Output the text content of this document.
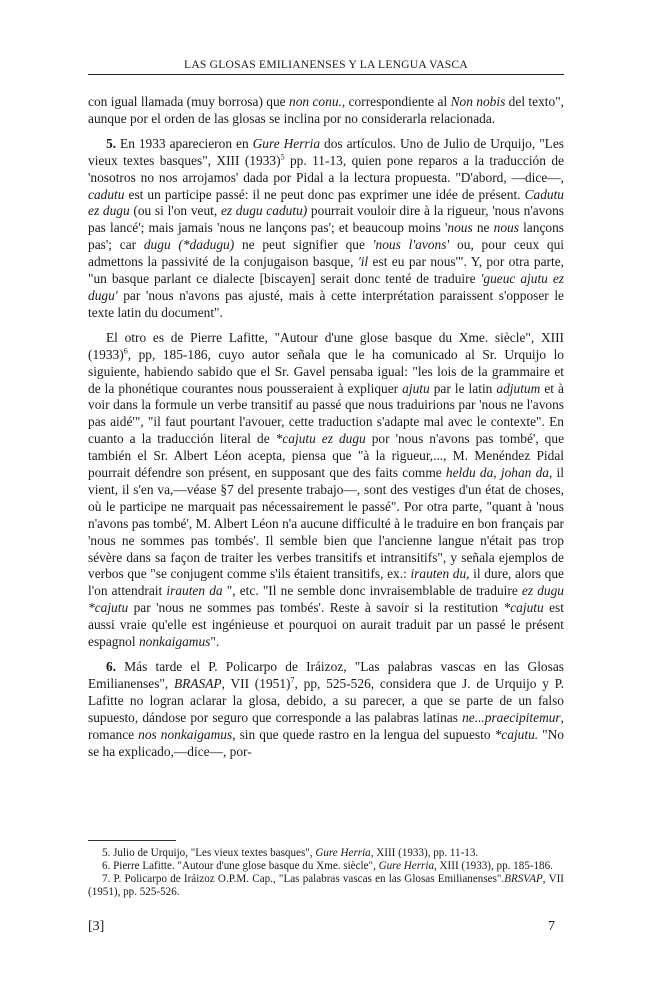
LAS GLOSAS EMILIANENSES Y LA LENGUA VASCA

con igual llamada (muy borrosa) que non conu., correspondiente al Non nobis del texto", aunque por el orden de las glosas se inclina por no considerarla relacionada.

5. En 1933 aparecieron en Gure Herria dos artículos. Uno de Julio de Urquijo, "Les vieux textes basques", XIII $(1933)^5$ pp. 11-13, quien pone reparos a la traducción de 'nosotros no nos arrojamos' dada por Pidal a la lectura propuesta. "D'abord, —dice—, cadutu est un participe passé: il ne peut donc pas exprimer une idée de présent. Cadutu ez dugu (ou si l'on veut, ez dugu cadutu) pourrait vouloir dire à la rigueur, 'nous n'avons pas lancé'; mais jamais 'nous ne lançons pas'; et beaucoup moins 'nous ne nous lançons pas'; car dugu (*dadugu) ne peut signifier que 'nous l'avons' ou, pour ceux qui admettons la passivité de la conjugaison basque, 'il est eu par nous'". Y, por otra parte, "un basque parlant ce dialecte [biscayen] serait donc tenté de traduire 'gueuc ajutu ez dugu' par 'nous n'avons pas ajusté, mais à cette interprétation paraissent s'opposer le texte latin du document".

El otro es de Pierre Lafitte, "Autour d'une glose basque du Xme. siècle", XIII $(1933)^6$, pp, 185-186, cuyo autor señala que le ha comunicado al Sr. Urquijo lo siguiente, habiendo sabido que el Sr. Gavel pensaba igual: "les lois de la grammaire et de la phonétique courantes nous pousseraient à expliquer ajutu par le latin adjutum et à voir dans la formule un verbe transitif au passé que nous traduirions par 'nous ne l'avons pas aidé'", "il faut pourtant l'avouer, cette traduction s'adapte mal avec le contexte". En cuanto a la traducción literal de *cajutu ez dugu por 'nous n'avons pas tombé', que también el Sr. Albert Léon acepta, piensa que "à la rigueur,..., M. Menéndez Pidal pourrait défendre son présent, en supposant que des faits comme heldu da, johan da, il vient, il s'en va,—véase §7 del presente trabajo—, sont des vestiges d'un état de choses, où le participe ne marquait pas nécessairement le passé". Por otra parte, "quant à 'nous n'avons pas tombé', M. Albert Léon n'a aucune difficulté à le traduire en bon français par 'nous ne sommes pas tombés'. Il semble bien que l'ancienne langue n'était pas trop sévère dans sa façon de traiter les verbes transitifs et intransitifs", y señala ejemplos de verbos que "se conjugent comme s'ils étaient transitifs, ex.: irauten du, il dure, alors que l'on attendrait irauten da ", etc. "Il ne semble donc invraisemblable de traduire ez dugu *cajutu par 'nous ne sommes pas tombés'. Reste à savoir si la restitution *cajutu est aussi vraie qu'elle est ingénieuse et pourquoi on aurait traduit par un passé le présent espagnol nonkaigamus".

6. Más tarde el P. Policarpo de Iráizoz, "Las palabras vascas en las Glosas Emilianenses", BRASAP, VII $(1951)^7$, pp, 525-526, considera que J. de Urquijo y P. Lafitte no logran aclarar la glosa, debido, a su parecer, a que se parte de un falso supuesto, dándose por seguro que corresponde a las palabras latinas ne...praecipitemur, romance nos nonkaigamus, sin que quede rastro en la lengua del supuesto *cajutu. "No se ha explicado,—dice—, por-

5. Julio de Urquijo, "Les vieux textes basques", Gure Herria, XIII (1933), pp. 11-13.

6. Pierre Lafitte. "Autour d'une glose basque du Xme. siècle", Gure Herria, XIII (1933), pp. 185-186.

7. P. Policarpo de Iráizoz O.P.M. Cap., "Las palabras vascas en las Glosas Emilianenses".BRSVAP, VII (1951), pp. 525-526.

[3]	7
